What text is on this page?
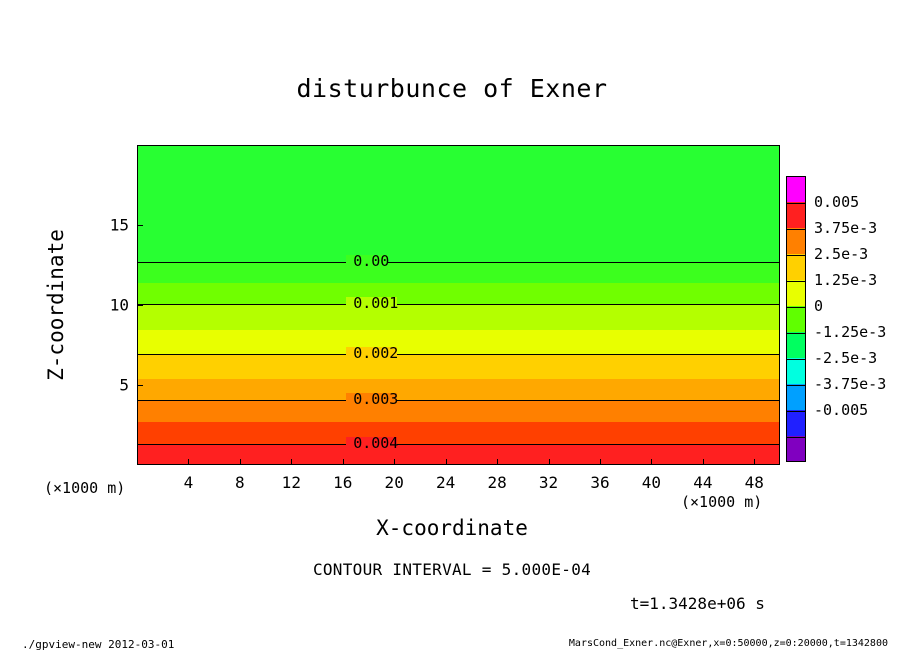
disturbunce of Exner
0.004
0.003
0.002
0.001
0.00
4	8 12 16 20 24 28 32 36 40 44 48
5
10
15
X-coordinate
Z-coordinate
(×1000 m)
(×1000 m)
CONTOUR INTERVAL = 5.000E-04
t=1.3428e+06 s
0.005
3.75e-3
2.5e-3
1.25e-3
0
-1.25e-3
-2.5e-3
-3.75e-3
-0.005
./gpview-new 2012-03-01	MarsCond_Exner.nc@Exner,x=0:50000,z=0:20000,t=1342800
